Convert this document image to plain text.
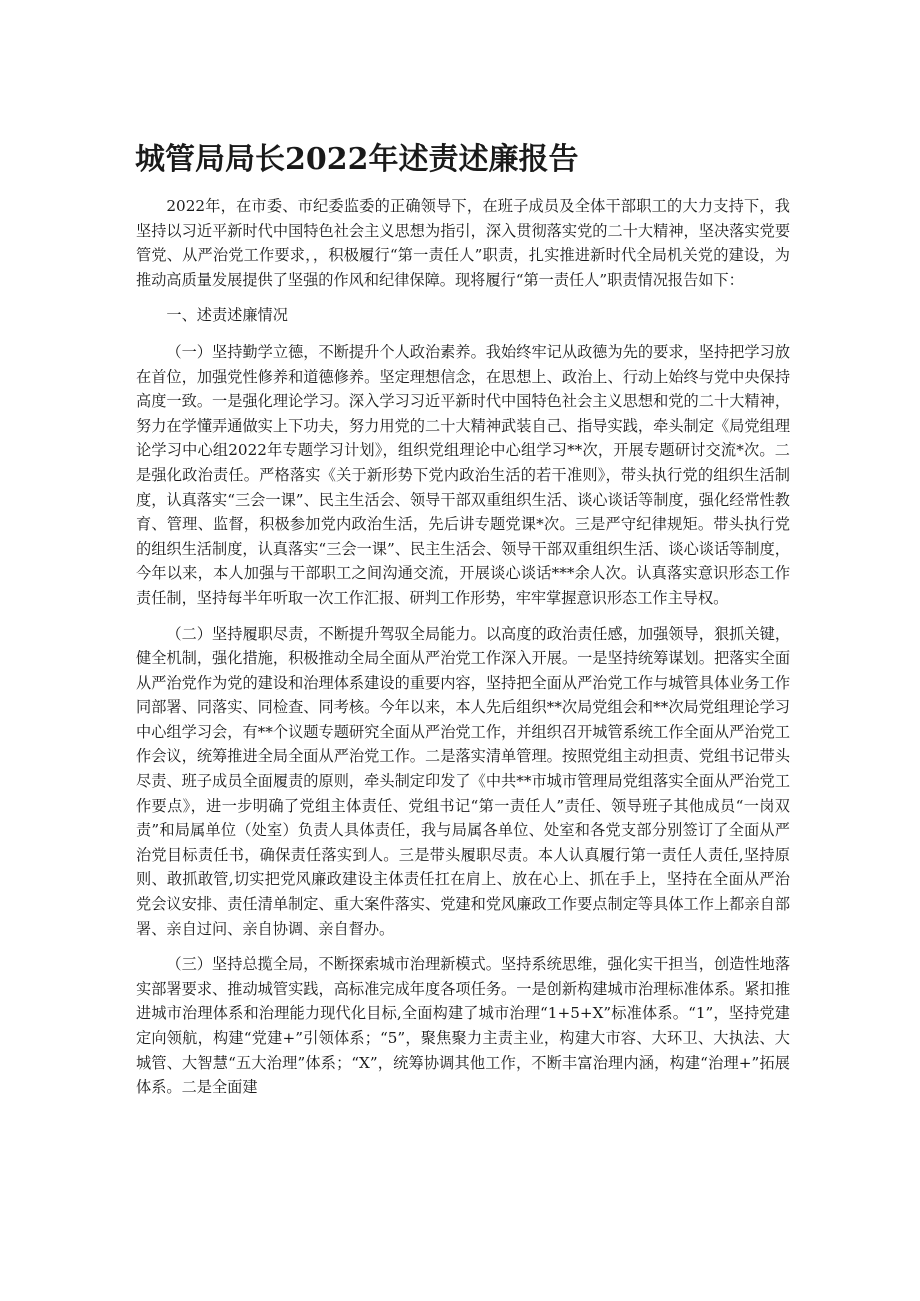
城管局局长2022年述责述廉报告

2022年，在市委、市纪委监委的正确领导下，在班子成员及全体干部职工的大力支持下，我坚持以习近平新时代中国特色社会主义思想为指引，深入贯彻落实党的二十大精神，坚决落实党要管党、从严治党工作要求，，积极履行“第一责任人”职责，扎实推进新时代全局机关党的建设，为推动高质量发展提供了坚强的作风和纪律保障。现将履行“第一责任人”职责情况报告如下：

一、述责述廉情况

（一）坚持勤学立德，不断提升个人政治素养。我始终牢记从政德为先的要求，坚持把学习放在首位，加强党性修养和道德修养。坚定理想信念，在思想上、政治上、行动上始终与党中央保持高度一致。一是强化理论学习。深入学习习近平新时代中国特色社会主义思想和党的二十大精神，努力在学懂弄通做实上下功夫，努力用党的二十大精神武装自己、指导实践，牵头制定《局党组理论学习中心组2022年专题学习计划》，组织党组理论中心组学习**次，开展专题研讨交流*次。二是强化政治责任。严格落实《关于新形势下党内政治生活的若干准则》，带头执行党的组织生活制度，认真落实“三会一课”、民主生活会、领导干部双重组织生活、谈心谈话等制度，强化经常性教育、管理、监督，积极参加党内政治生活，先后讲专题党课*次。三是严守纪律规矩。带头执行党的组织生活制度，认真落实“三会一课”、民主生活会、领导干部双重组织生活、谈心谈话等制度，今年以来，本人加强与干部职工之间沟通交流，开展谈心谈话***余人次。认真落实意识形态工作责任制，坚持每半年听取一次工作汇报、研判工作形势，牢牢掌握意识形态工作主导权。

（二）坚持履职尽责，不断提升驾驭全局能力。以高度的政治责任感，加强领导，狠抓关键，健全机制，强化措施，积极推动全局全面从严治党工作深入开展。一是坚持统筹谋划。把落实全面从严治党作为党的建设和治理体系建设的重要内容，坚持把全面从严治党工作与城管具体业务工作同部署、同落实、同检查、同考核。今年以来，本人先后组织**次局党组会和**次局党组理论学习中心组学习会，有**个议题专题研究全面从严治党工作，并组织召开城管系统工作全面从严治党工作会议，统筹推进全局全面从严治党工作。二是落实清单管理。按照党组主动担责、党组书记带头尽责、班子成员全面履责的原则，牵头制定印发了《中共**市城市管理局党组落实全面从严治党工作要点》，进一步明确了党组主体责任、党组书记“第一责任人”责任、领导班子其他成员“一岗双责”和局属单位（处室）负责人具体责任，我与局属各单位、处室和各党支部分别签订了全面从严治党目标责任书，确保责任落实到人。三是带头履职尽责。本人认真履行第一责任人责任,坚持原则、敢抓敢管,切实把党风廉政建设主体责任扛在肩上、放在心上、抓在手上，坚持在全面从严治党会议安排、责任清单制定、重大案件落实、党建和党风廉政工作要点制定等具体工作上都亲自部署、亲自过问、亲自协调、亲自督办。

（三）坚持总揽全局，不断探索城市治理新模式。坚持系统思维，强化实干担当，创造性地落实部署要求、推动城管实践，高标准完成年度各项任务。一是创新构建城市治理标准体系。紧扣推进城市治理体系和治理能力现代化目标,全面构建了城市治理“1+5+X”标准体系。“1”，坚持党建定向领航，构建“党建+”引领体系；“5”，聚焦聚力主责主业，构建大市容、大环卫、大执法、大城管、大智慧“五大治理”体系；“X”，统筹协调其他工作，不断丰富治理内涵，构建“治理+”拓展体系。二是全面建
